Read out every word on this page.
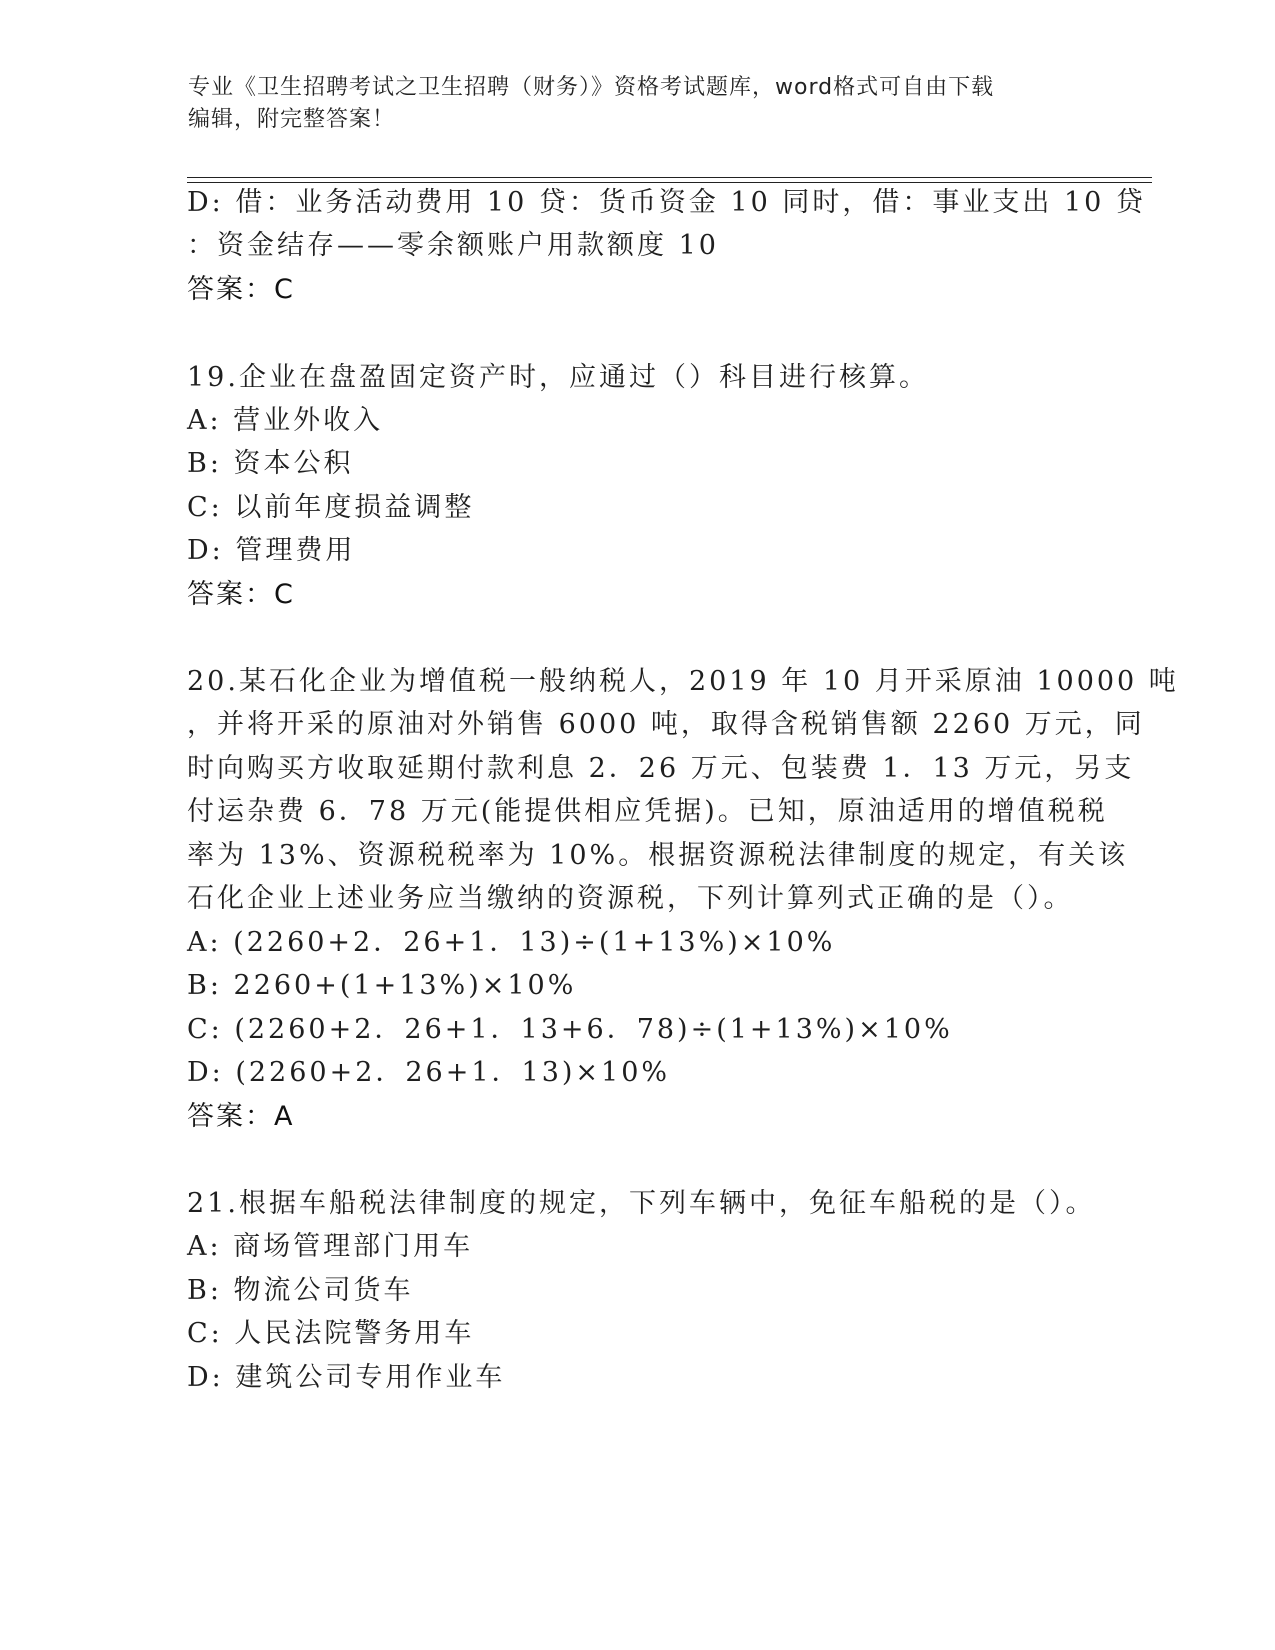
专业《卫生招聘考试之卫生招聘（财务）》资格考试题库，word格式可自由下载
编辑，附完整答案！
D: 借：业务活动费用 10 贷：货币资金 10 同时，借：事业支出 10 贷
：资金结存——零余额账户用款额度 10
答案：C
19.企业在盘盈固定资产时，应通过（）科目进行核算。
A: 营业外收入
B: 资本公积
C: 以前年度损益调整
D: 管理费用
答案：C
20.某石化企业为增值税一般纳税人，2019 年 10 月开采原油 10000 吨
，并将开采的原油对外销售 6000 吨，取得含税销售额 2260 万元，同
时向购买方收取延期付款利息 2．26 万元、包装费 1．13 万元，另支
付运杂费 6．78 万元(能提供相应凭据)。已知，原油适用的增值税税
率为 13%、资源税税率为 10%。根据资源税法律制度的规定，有关该
石化企业上述业务应当缴纳的资源税，下列计算列式正确的是（）。
A: (2260+2．26+1．13)÷(1+13%)×10%
B: 2260+(1+13%)×10%
C: (2260+2．26+1．13+6．78)÷(1+13%)×10%
D: (2260+2．26+1．13)×10%
答案：A
21.根据车船税法律制度的规定，下列车辆中，免征车船税的是（）。
A: 商场管理部门用车
B: 物流公司货车
C: 人民法院警务用车
D: 建筑公司专用作业车
